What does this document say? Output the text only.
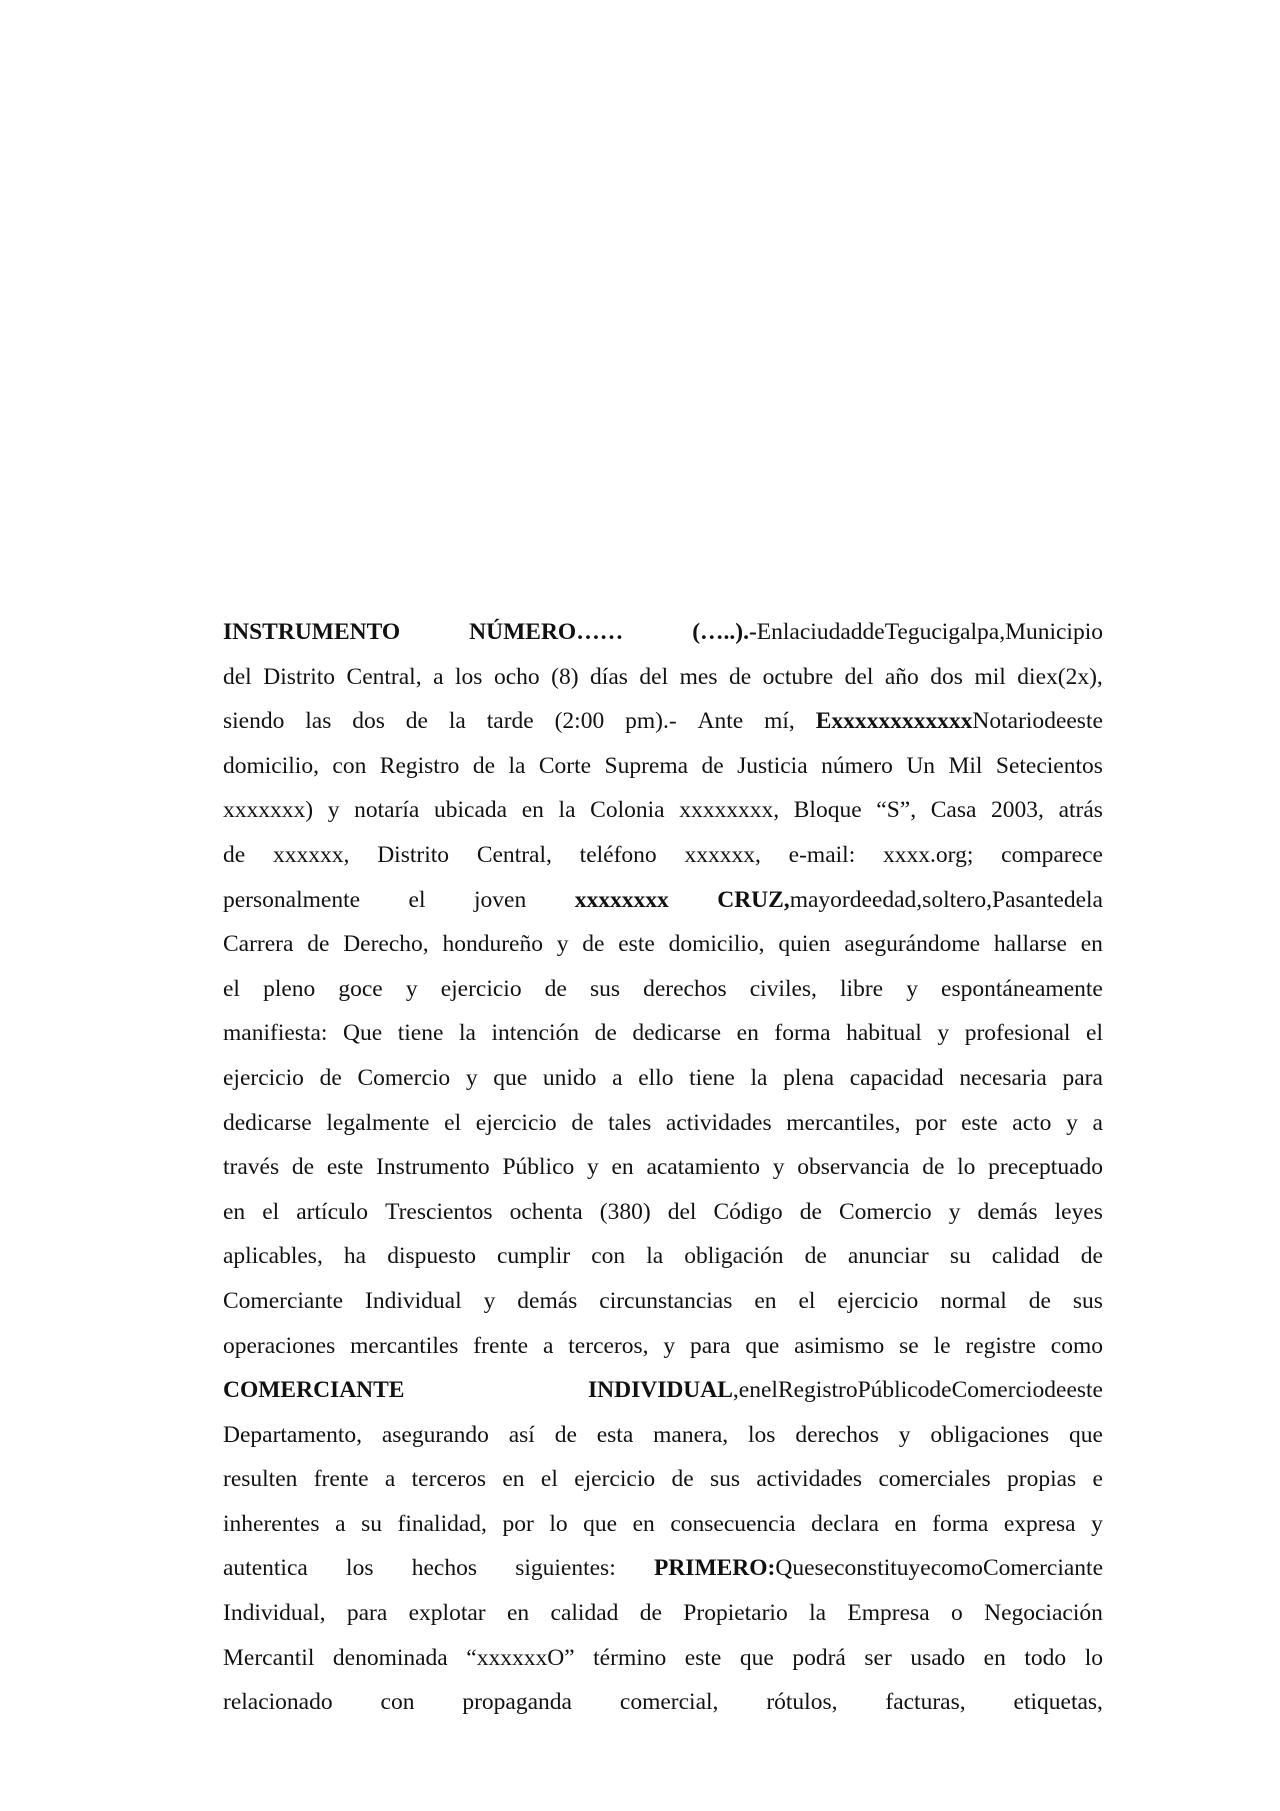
INSTRUMENTO	NÚMERO……	(…..).-EnlaciudaddeTegucigalpa,Municipio
del Distrito Central, a los ocho (8) días del mes de octubre del año dos mil diex(2x),
siendo las dos de la tarde (2:00 pm).- Ante mí, ExxxxxxxxxxxxNotariodeeste
domicilio, con Registro de la Corte Suprema de Justicia número Un Mil Setecientos
xxxxxxx) y notaría ubicada en la Colonia xxxxxxxx, Bloque “S”, Casa 2003, atrás
de xxxxxx, Distrito Central, teléfono xxxxxx, e-mail: xxxx.org; comparece
personalmente el joven xxxxxxxx CRUZ,mayordeedad,soltero,Pasantedela
Carrera de Derecho, hondureño y de este domicilio, quien asegurándome hallarse en
el pleno goce y ejercicio de sus derechos civiles, libre y espontáneamente
manifiesta: Que tiene la intención de dedicarse en forma habitual y profesional el
ejercicio de Comercio y que unido a ello tiene la plena capacidad necesaria para
dedicarse legalmente el ejercicio de tales actividades mercantiles, por este acto y a
través de este Instrumento Público y en acatamiento y observancia de lo preceptuado
en el artículo Trescientos ochenta (380) del Código de Comercio y demás leyes
aplicables, ha dispuesto cumplir con la obligación de anunciar su calidad de
Comerciante Individual y demás circunstancias en el ejercicio normal de sus
operaciones mercantiles frente a terceros, y para que asimismo se le registre como
COMERCIANTE	INDIVIDUAL,enelRegistroPúblicodeComerciodeeste
Departamento, asegurando así de esta manera, los derechos y obligaciones que
resulten frente a terceros en el ejercicio de sus actividades comerciales propias e
inherentes a su finalidad, por lo que en consecuencia declara en forma expresa y
autentica los hechos siguientes: PRIMERO:QueseconstituyecomoComerciante
Individual, para explotar en calidad de Propietario la Empresa o Negociación
Mercantil denominada “xxxxxxO” término este que podrá ser usado en todo lo
relacionado con propaganda comercial, rótulos, facturas, etiquetas,
